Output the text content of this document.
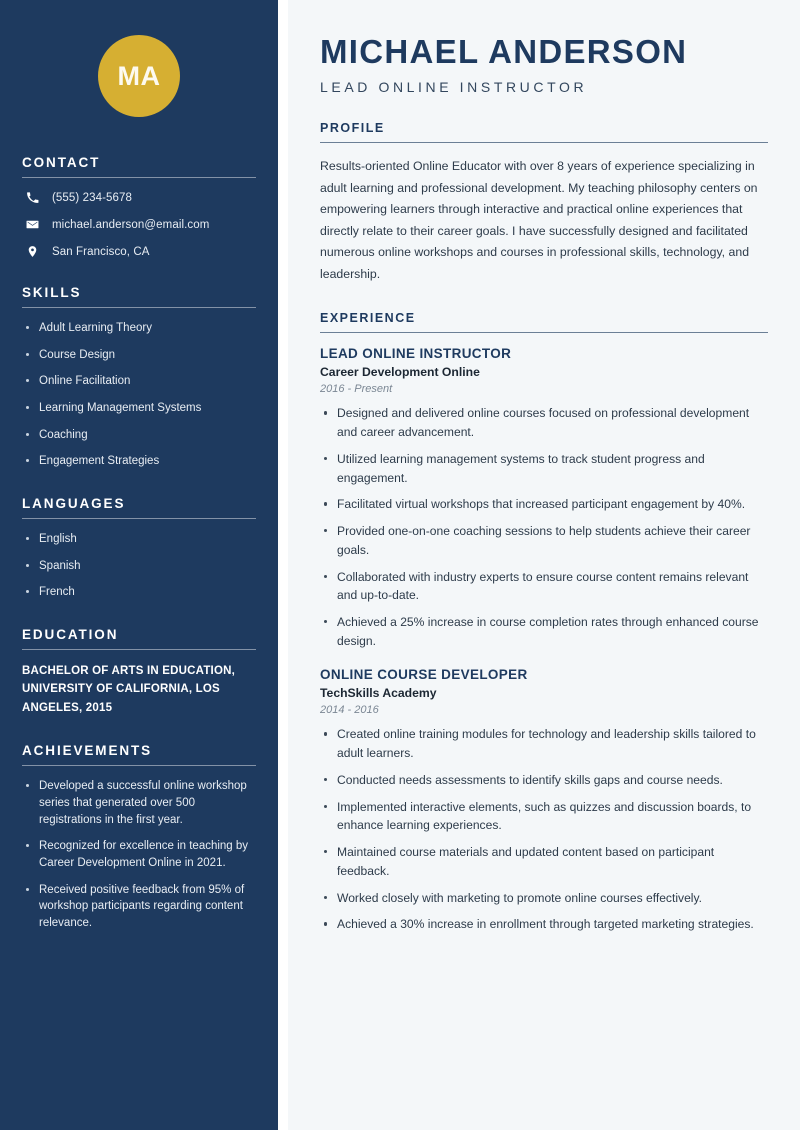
MA
CONTACT
(555) 234-5678
michael.anderson@email.com
San Francisco, CA
SKILLS
Adult Learning Theory
Course Design
Online Facilitation
Learning Management Systems
Coaching
Engagement Strategies
LANGUAGES
English
Spanish
French
EDUCATION
BACHELOR OF ARTS IN EDUCATION, UNIVERSITY OF CALIFORNIA, LOS ANGELES, 2015
ACHIEVEMENTS
Developed a successful online workshop series that generated over 500 registrations in the first year.
Recognized for excellence in teaching by Career Development Online in 2021.
Received positive feedback from 95% of workshop participants regarding content relevance.
MICHAEL ANDERSON
LEAD ONLINE INSTRUCTOR
PROFILE

Results-oriented Online Educator with over 8 years of experience specializing in adult learning and professional development. My teaching philosophy centers on empowering learners through interactive and practical online experiences that directly relate to their career goals. I have successfully designed and facilitated numerous online workshops and courses in professional skills, technology, and leadership.

EXPERIENCE
LEAD ONLINE INSTRUCTOR
Career Development Online
2016 - Present
Designed and delivered online courses focused on professional development and career advancement.
Utilized learning management systems to track student progress and engagement.
Facilitated virtual workshops that increased participant engagement by 40%.
Provided one-on-one coaching sessions to help students achieve their career goals.
Collaborated with industry experts to ensure course content remains relevant and up-to-date.
Achieved a 25% increase in course completion rates through enhanced course design.
ONLINE COURSE DEVELOPER
TechSkills Academy
2014 - 2016
Created online training modules for technology and leadership skills tailored to adult learners.
Conducted needs assessments to identify skills gaps and course needs.
Implemented interactive elements, such as quizzes and discussion boards, to enhance learning experiences.
Maintained course materials and updated content based on participant feedback.
Worked closely with marketing to promote online courses effectively.
Achieved a 30% increase in enrollment through targeted marketing strategies.
